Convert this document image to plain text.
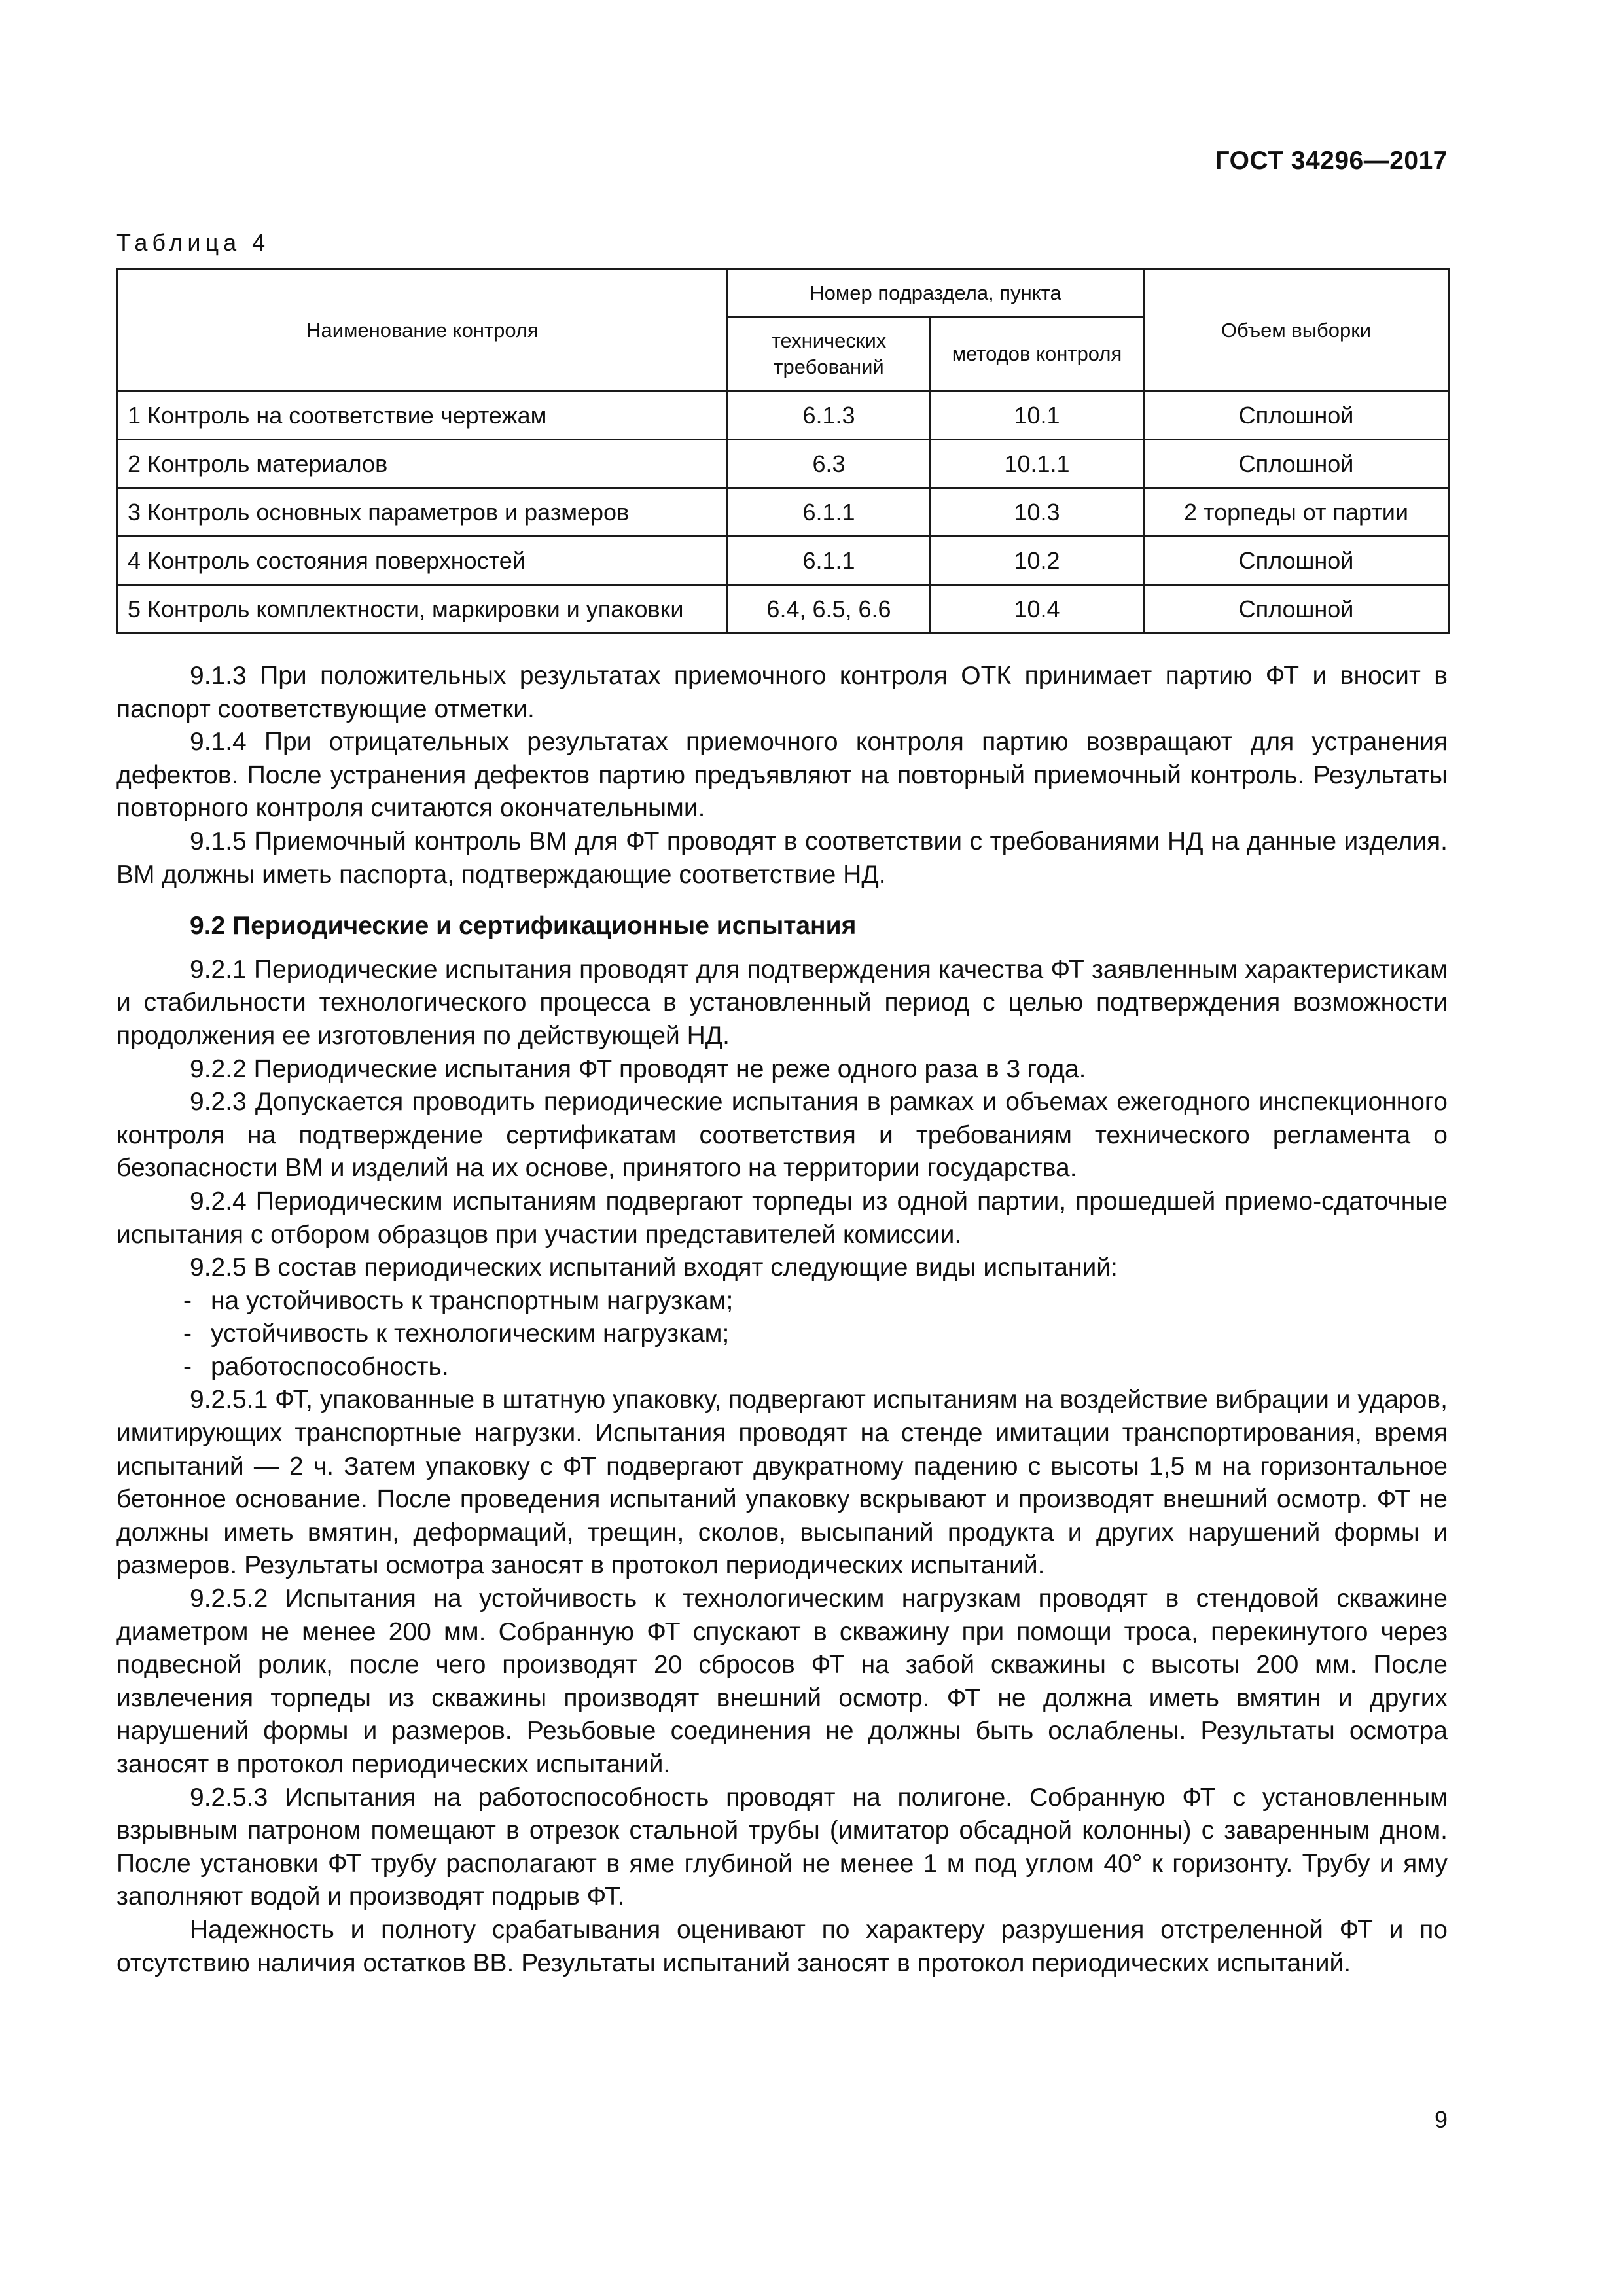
ГОСТ 34296—2017
Таблица 4
Наименование контроля	Номер подраздела, пункта		Объем выборки
	технических требований	методов контроля	
1 Контроль на соответствие чертежам	6.1.3	10.1	Сплошной
2 Контроль материалов	6.3	10.1.1	Сплошной
3 Контроль основных параметров и размеров	6.1.1	10.3	2 торпеды от партии
4 Контроль состояния поверхностей	6.1.1	10.2	Сплошной
5 Контроль комплектности, маркировки и упаковки	6.4, 6.5, 6.6	10.4	Сплошной

9.1.3 При положительных результатах приемочного контроля ОТК принимает партию ФТ и вносит в паспорт соответствующие отметки.

9.1.4 При отрицательных результатах приемочного контроля партию возвращают для устранения дефектов. После устранения дефектов партию предъявляют на повторный приемочный контроль. Результаты повторного контроля считаются окончательными.

9.1.5 Приемочный контроль ВМ для ФТ проводят в соответствии с требованиями НД на данные изделия. ВМ должны иметь паспорта, подтверждающие соответствие НД.

9.2 Периодические и сертификационные испытания

9.2.1 Периодические испытания проводят для подтверждения качества ФТ заявленным характеристикам и стабильности технологического процесса в установленный период с целью подтверждения возможности продолжения ее изготовления по действующей НД.

9.2.2 Периодические испытания ФТ проводят не реже одного раза в 3 года.

9.2.3 Допускается проводить периодические испытания в рамках и объемах ежегодного инспекционного контроля на подтверждение сертификатам соответствия и требованиям технического регламента о безопасности ВМ и изделий на их основе, принятого на территории государства.

9.2.4 Периодическим испытаниям подвергают торпеды из одной партии, прошедшей приемо-сдаточные испытания с отбором образцов при участии представителей комиссии.

9.2.5 В состав периодических испытаний входят следующие виды испытаний:

- на устойчивость к транспортным нагрузкам;

- устойчивость к технологическим нагрузкам;

- работоспособность.

9.2.5.1 ФТ, упакованные в штатную упаковку, подвергают испытаниям на воздействие вибрации и ударов, имитирующих транспортные нагрузки. Испытания проводят на стенде имитации транспортирования, время испытаний — 2 ч. Затем упаковку с ФТ подвергают двукратному падению с высоты 1,5 м на горизонтальное бетонное основание. После проведения испытаний упаковку вскрывают и производят внешний осмотр. ФТ не должны иметь вмятин, деформаций, трещин, сколов, высыпаний продукта и других нарушений формы и размеров. Результаты осмотра заносят в протокол периодических испытаний.

9.2.5.2 Испытания на устойчивость к технологическим нагрузкам проводят в стендовой скважине диаметром не менее 200 мм. Собранную ФТ спускают в скважину при помощи троса, перекинутого через подвесной ролик, после чего производят 20 сбросов ФТ на забой скважины с высоты 200 мм. После извлечения торпеды из скважины производят внешний осмотр. ФТ не должна иметь вмятин и других нарушений формы и размеров. Резьбовые соединения не должны быть ослаблены. Результаты осмотра заносят в протокол периодических испытаний.

9.2.5.3 Испытания на работоспособность проводят на полигоне. Собранную ФТ с установленным взрывным патроном помещают в отрезок стальной трубы (имитатор обсадной колонны) с заваренным дном. После установки ФТ трубу располагают в яме глубиной не менее 1 м под углом 40° к горизонту. Трубу и яму заполняют водой и производят подрыв ФТ.

Надежность и полноту срабатывания оценивают по характеру разрушения отстреленной ФТ и по отсутствию наличия остатков ВВ. Результаты испытаний заносят в протокол периодических испытаний.

9
